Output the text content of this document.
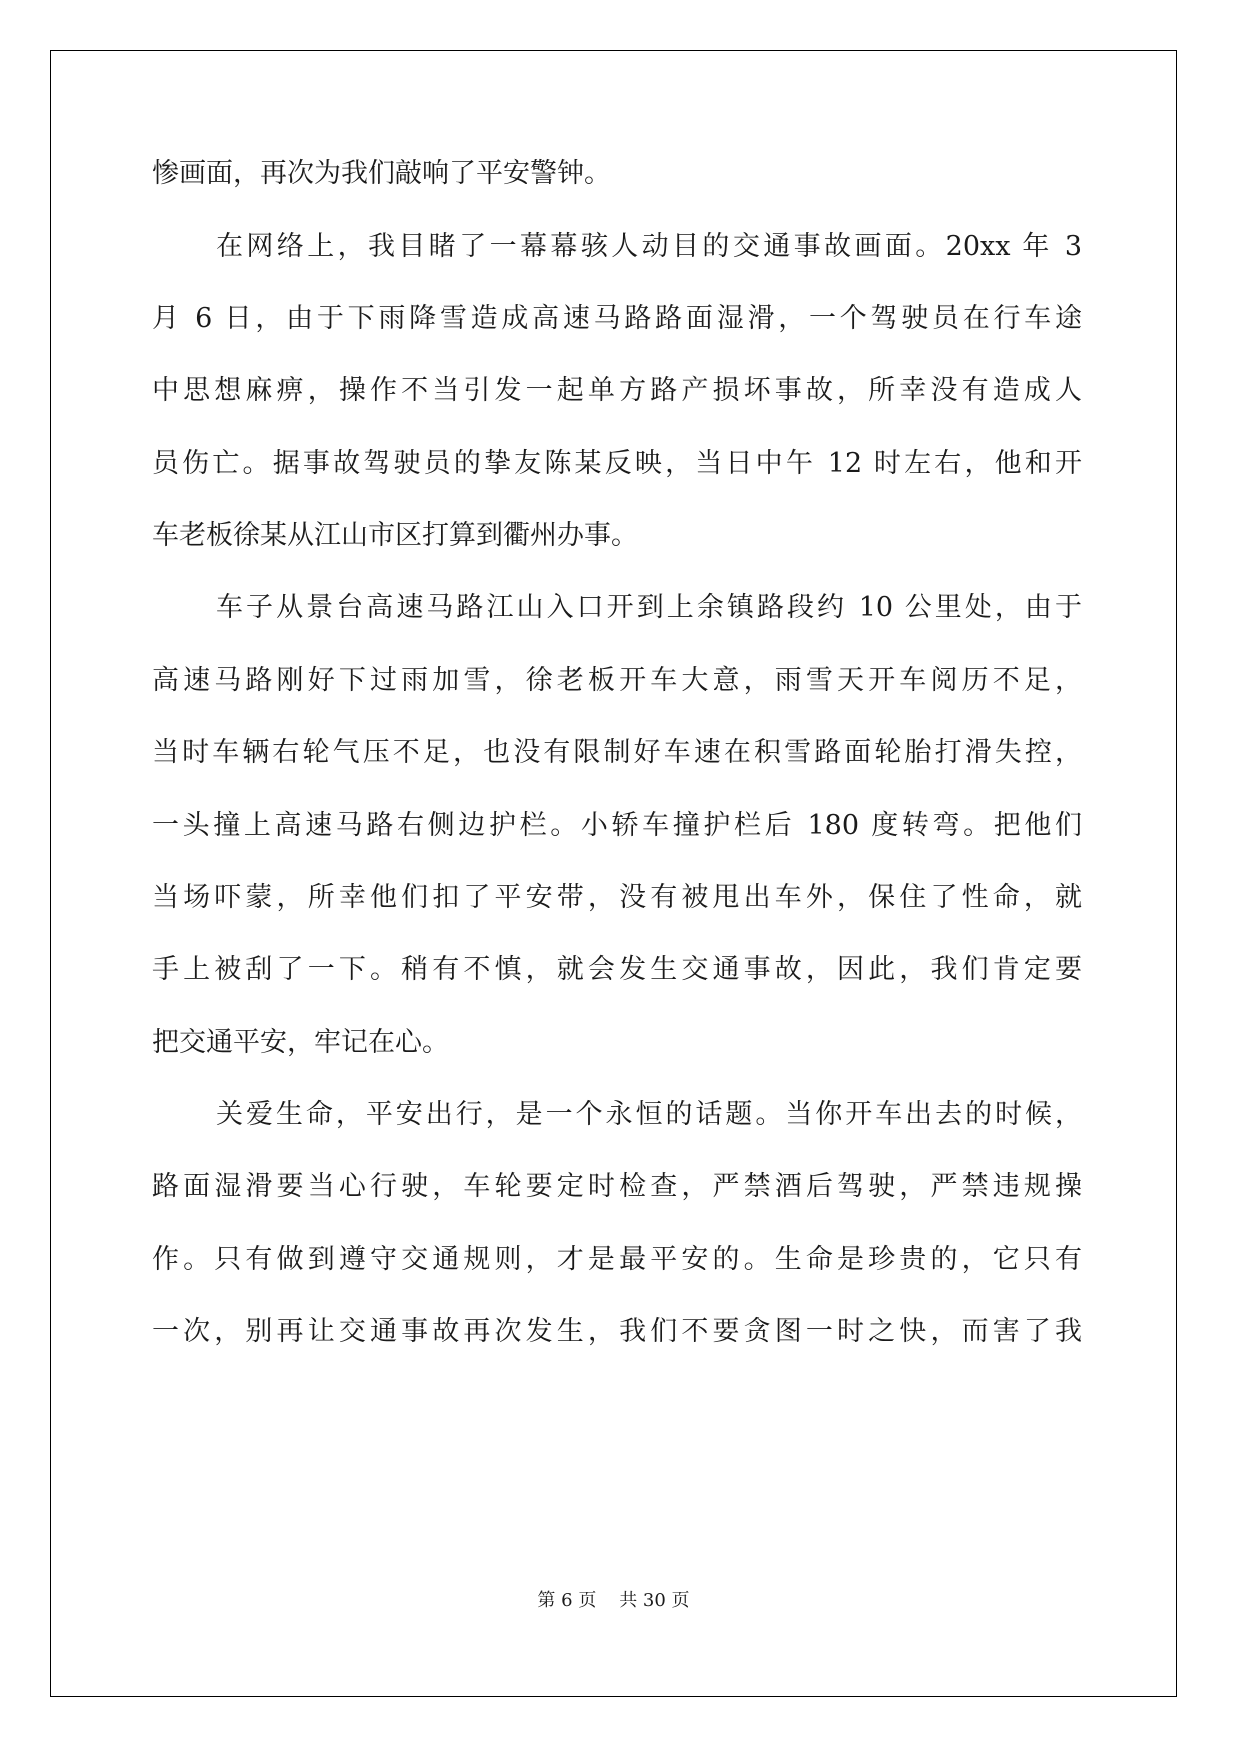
惨画面，再次为我们敲响了平安警钟。

在网络上，我目睹了一幕幕骇人动目的交通事故画面。20xx 年 3

月 6 日，由于下雨降雪造成高速马路路面湿滑，一个驾驶员在行车途

中思想麻痹，操作不当引发一起单方路产损坏事故，所幸没有造成人

员伤亡。据事故驾驶员的挚友陈某反映，当日中午 12 时左右，他和开

车老板徐某从江山市区打算到衢州办事。

车子从景台高速马路江山入口开到上余镇路段约 10 公里处，由于

高速马路刚好下过雨加雪，徐老板开车大意，雨雪天开车阅历不足，

当时车辆右轮气压不足，也没有限制好车速在积雪路面轮胎打滑失控，

一头撞上高速马路右侧边护栏。小轿车撞护栏后 180 度转弯。把他们

当场吓蒙，所幸他们扣了平安带，没有被甩出车外，保住了性命，就

手上被刮了一下。稍有不慎，就会发生交通事故，因此，我们肯定要

把交通平安，牢记在心。

关爱生命，平安出行，是一个永恒的话题。当你开车出去的时候，

路面湿滑要当心行驶，车轮要定时检查，严禁酒后驾驶，严禁违规操

作。只有做到遵守交通规则，才是最平安的。生命是珍贵的，它只有

一次，别再让交通事故再次发生，我们不要贪图一时之快，而害了我

第 6 页    共 30 页
